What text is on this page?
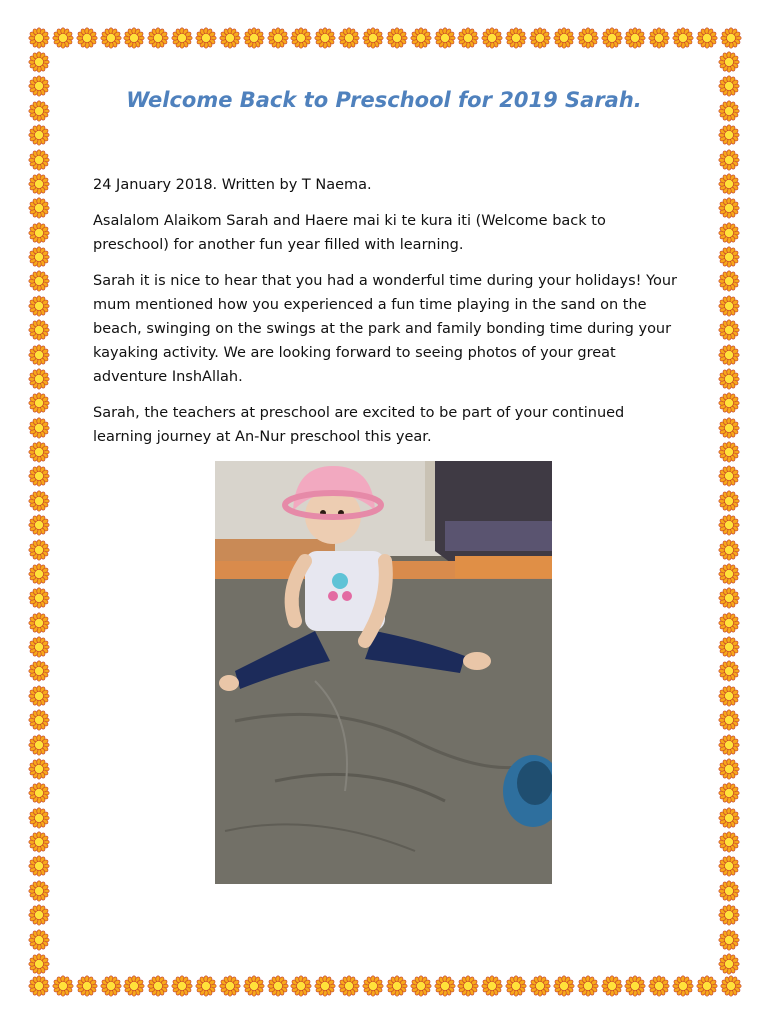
Welcome Back to Preschool for 2019 Sarah.

24 January 2018. Written by T Naema.

Asalalom Alaikom Sarah and Haere mai ki te kura iti (Welcome back to preschool) for another fun year filled with learning.

Sarah it is nice to hear that you had a wonderful time during your holidays! Your mum mentioned how you experienced a fun time playing in the sand on the beach, swinging on the swings at the park and family bonding time during your kayaking activity. We are looking forward to seeing photos of your great adventure InshAllah.

Sarah, the teachers at preschool are excited to be part of your continued learning journey at An-Nur preschool this year.
